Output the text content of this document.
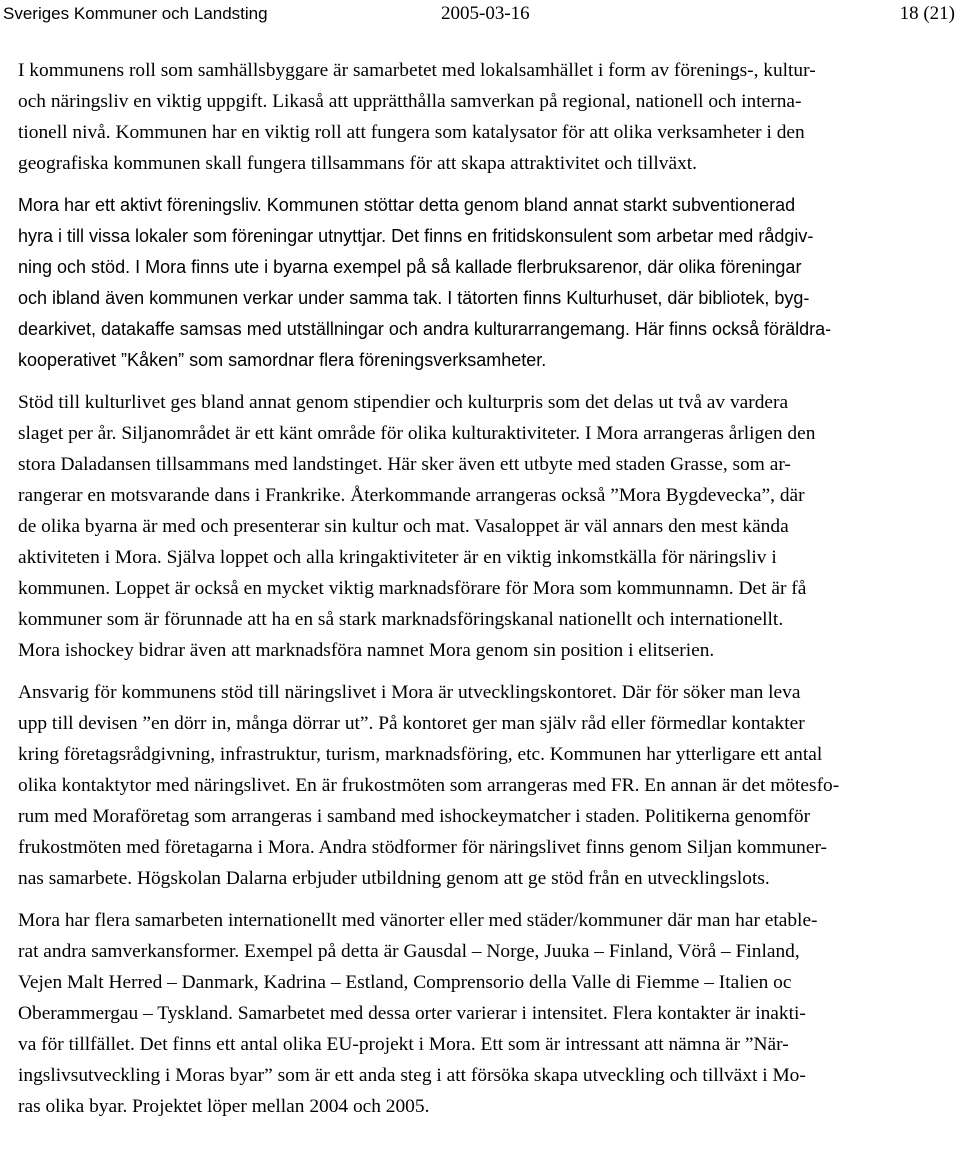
Sveriges Kommuner och Landsting	2005-03-16	18 (21)

I kommunens roll som samhällsbyggare är samarbetet med lokalsamhället i form av förenings-, kultur-
och näringsliv en viktig uppgift. Likaså att upprätthålla samverkan på regional, nationell och interna-
tionell nivå. Kommunen har en viktig roll att fungera som katalysator för att olika verksamheter i den
geografiska kommunen skall fungera tillsammans för att skapa attraktivitet och tillväxt.

Mora har ett aktivt föreningsliv. Kommunen stöttar detta genom bland annat starkt subventionerad
hyra i till vissa lokaler som föreningar utnyttjar. Det finns en fritidskonsulent som arbetar med rådgiv-
ning och stöd. I Mora finns ute i byarna exempel på så kallade flerbruksarenor, där olika föreningar
och ibland även kommunen verkar under samma tak. I tätorten finns Kulturhuset, där bibliotek, byg-
dearkivet, datakaffe samsas med utställningar och andra kulturarrangemang. Här finns också föräldra-
kooperativet ”Kåken” som samordnar flera föreningsverksamheter.

Stöd till kulturlivet ges bland annat genom stipendier och kulturpris som det delas ut två av vardera
slaget per år. Siljanområdet är ett känt område för olika kulturaktiviteter. I Mora arrangeras årligen den
stora Daladansen tillsammans med landstinget. Här sker även ett utbyte med staden Grasse, som ar-
rangerar en motsvarande dans i Frankrike. Återkommande arrangeras också ”Mora Bygdevecka”, där
de olika byarna är med och presenterar sin kultur och mat. Vasaloppet är väl annars den mest kända
aktiviteten i Mora. Själva loppet och alla kringaktiviteter är en viktig inkomstkälla för näringsliv i
kommunen. Loppet är också en mycket viktig marknadsförare för Mora som kommunnamn. Det är få
kommuner som är förunnade att ha en så stark marknadsföringskanal nationellt och internationellt.
Mora ishockey bidrar även att marknadsföra namnet Mora genom sin position i elitserien.

Ansvarig för kommunens stöd till näringslivet i Mora är utvecklingskontoret. Där för söker man leva
upp till devisen ”en dörr in, många dörrar ut”. På kontoret ger man själv råd eller förmedlar kontakter
kring företagsrådgivning, infrastruktur, turism, marknadsföring, etc. Kommunen har ytterligare ett antal
olika kontaktytor med näringslivet. En är frukostmöten som arrangeras med FR. En annan är det mötesfo-
rum med Moraföretag som arrangeras i samband med ishockeymatcher i staden. Politikerna genomför
frukostmöten med företagarna i Mora. Andra stödformer för näringslivet finns genom Siljan kommuner-
nas samarbete. Högskolan Dalarna erbjuder utbildning genom att ge stöd från en utvecklingslots.

Mora har flera samarbeten internationellt med vänorter eller med städer/kommuner där man har etable-
rat andra samverkansformer. Exempel på detta är Gausdal – Norge, Juuka – Finland, Vörå – Finland,
Vejen Malt Herred – Danmark, Kadrina – Estland, Comprensorio della Valle di Fiemme – Italien oc
Oberammergau – Tyskland. Samarbetet med dessa orter varierar i intensitet. Flera kontakter är inakti-
va för tillfället. Det finns ett antal olika EU-projekt i Mora. Ett som är intressant att nämna är ”När-
ingslivsutveckling i Moras byar” som är ett anda steg i att försöka skapa utveckling och tillväxt i Mo-
ras olika byar. Projektet löper mellan 2004 och 2005.
